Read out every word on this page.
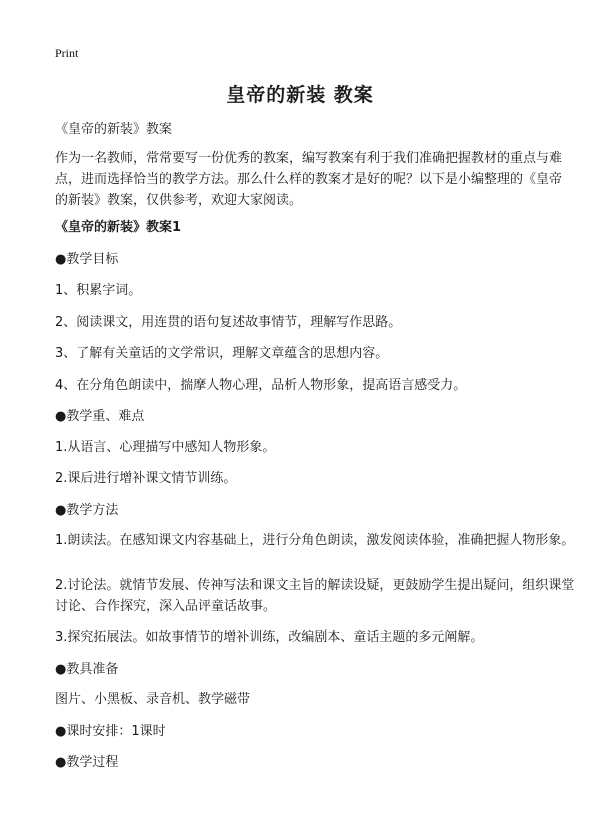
Print
皇帝的新装 教案
《皇帝的新装》教案
作为一名教师，常常要写一份优秀的教案，编写教案有利于我们准确把握教材的重点与难点，进而选择恰当的教学方法。那么什么样的教案才是好的呢？以下是小编整理的《皇帝的新装》教案，仅供参考，欢迎大家阅读。
《皇帝的新装》教案1
●教学目标
1、积累字词。
2、阅读课文，用连贯的语句复述故事情节，理解写作思路。
3、了解有关童话的文学常识，理解文章蕴含的思想内容。
4、在分角色朗读中，揣摩人物心理，品析人物形象，提高语言感受力。
●教学重、难点
1.从语言、心理描写中感知人物形象。
2.课后进行增补课文情节训练。
●教学方法
1.朗读法。在感知课文内容基础上，进行分角色朗读，激发阅读体验，准确把握人物形象。
2.讨论法。就情节发展、传神写法和课文主旨的解读设疑，更鼓励学生提出疑问，组织课堂讨论、合作探究，深入品评童话故事。
3.探究拓展法。如故事情节的增补训练，改编剧本、童话主题的多元阐解。
●教具准备
图片、小黑板、录音机、教学磁带
●课时安排：1课时
●教学过程
